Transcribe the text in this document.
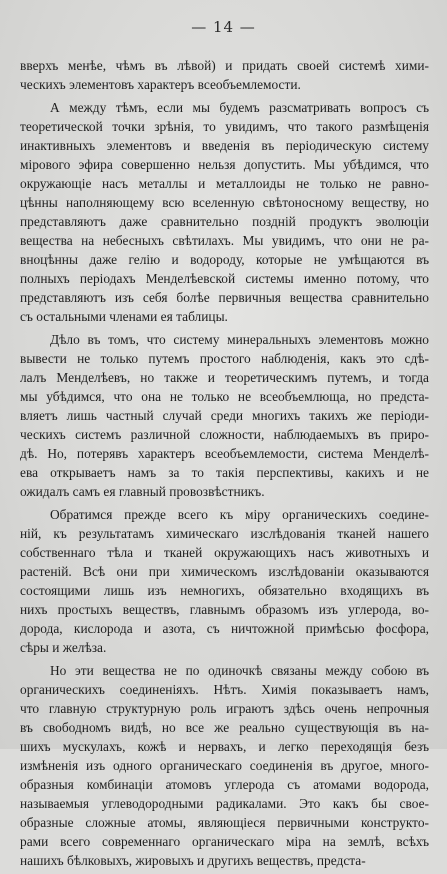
— 14 —
вверхъ менѣе, чѣмъ въ лѣвой) и придать своей системѣ хими-
ческихъ элементовъ характеръ всеобъемлемости.
А между тѣмъ, если мы будемъ разсматривать вопросъ съ
теоретической точки зрѣнія, то увидимъ, что такого размѣщенія
инактивныхъ элементовъ и введенія въ періодическую систему
мірового эфира совершенно нельзя допустить. Мы убѣдимся, что
окружающіе насъ металлы и металлоиды не только не равно-
цѣнны наполняющему всю вселенную свѣтоносному веществу, но
представляютъ даже сравнительно поздній продуктъ эволюціи
вещества на небесныхъ свѣтилахъ. Мы увидимъ, что они не ра-
вноцѣнны даже гелію и водороду, которые не умѣщаются въ
полныхъ періодахъ Менделѣевской системы именно потому, что
представляютъ изъ себя болѣе первичныя вещества сравнительно
съ остальными членами ея таблицы.
Дѣло въ томъ, что систему минеральныхъ элементовъ можно
вывести не только путемъ простого наблюденія, какъ это сдѣ-
лалъ Менделѣевъ, но также и теоретическимъ путемъ, и тогда
мы убѣдимся, что она не только не всеобъемлюща, но предста-
вляетъ лишь частный случай среди многихъ такихъ же періоди-
ческихъ системъ различной сложности, наблюдаемыхъ въ приро-
дѣ. Но, потерявъ характеръ всеобъемлемости, система Менделѣ-
ева открываетъ намъ за то такія перспективы, какихъ и не
ожидалъ самъ ея главный провозвѣстникъ.
Обратимся прежде всего къ міру органическихъ соедине-
ній, къ результатамъ химическаго изслѣдованія тканей нашего
собственнаго тѣла и тканей окружающихъ насъ животныхъ и
растеній. Всѣ они при химическомъ изслѣдованіи оказываются
состоящими лишь изъ немногихъ, обязательно входящихъ въ
нихъ простыхъ веществъ, главнымъ образомъ изъ углерода, во-
дорода, кислорода и азота, съ ничтожной примѣсью фосфора,
сѣры и желѣза.
Но эти вещества не по одиночкѣ связаны между собою въ
органическихъ соединеніяхъ. Нѣтъ. Химія показываетъ намъ,
что главную структурную роль играютъ здѣсь очень непрочныя
въ свободномъ видѣ, но все же реально существующія въ на-
шихъ мускулахъ, кожѣ и нервахъ, и легко переходящія безъ
измѣненія изъ одного органическаго соединенія въ другое, много-
образныя комбинаціи атомовъ углерода съ атомами водорода,
называемыя углеводородными радикалами. Это какъ бы свое-
образные сложные атомы, являющіеся первичными конструкто-
рами всего современнаго органическаго міра на землѣ, всѣхъ
нашихъ бѣлковыхъ, жировыхъ и другихъ веществъ, предста-
